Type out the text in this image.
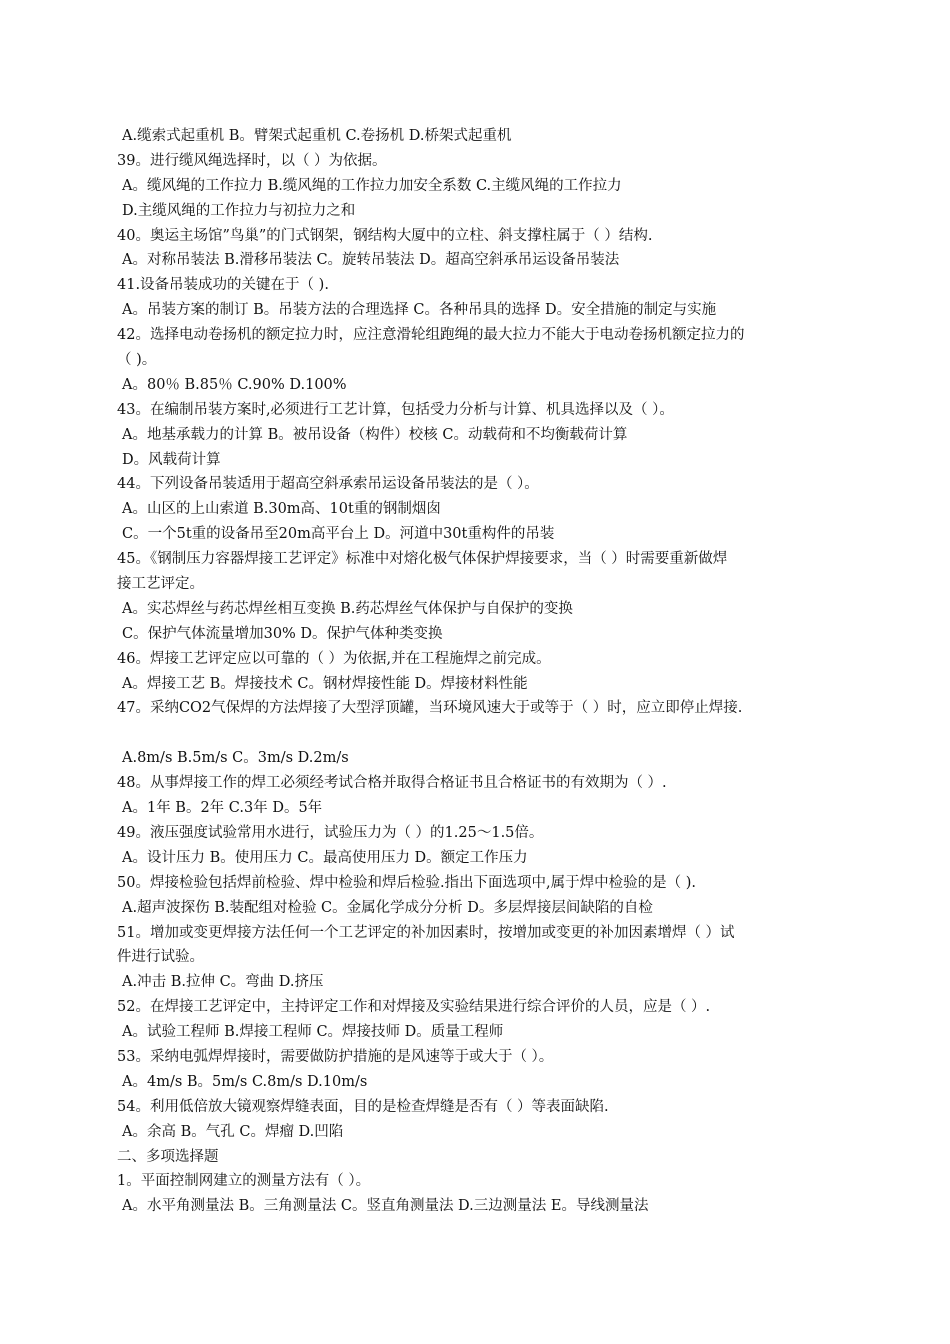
A.缆索式起重机 B。臂架式起重机 C.卷扬机 D.桥架式起重机
39。进行缆风绳选择时，以（ ）为依据。
A。缆风绳的工作拉力 B.缆风绳的工作拉力加安全系数 C.主缆风绳的工作拉力
D.主缆风绳的工作拉力与初拉力之和
40。奥运主场馆”鸟巢”的门式钢架，钢结构大厦中的立柱、斜支撑柱属于（ ）结构.
A。对称吊装法 B.滑移吊装法 C。旋转吊装法 D。超高空斜承吊运设备吊装法
41.设备吊装成功的关键在于（ ).
A。吊装方案的制订 B。吊装方法的合理选择 C。各种吊具的选择 D。安全措施的制定与实施
42。选择电动卷扬机的额定拉力时，应注意滑轮组跑绳的最大拉力不能大于电动卷扬机额定拉力的
（ )。
A。80％ B.85％ C.90% D.100%
43。在编制吊装方案时,必须进行工艺计算，包括受力分析与计算、机具选择以及（ ）。
A。地基承载力的计算 B。被吊设备（构件）校核 C。动载荷和不均衡载荷计算
D。风载荷计算
44。下列设备吊装适用于超高空斜承索吊运设备吊装法的是（ ）。
A。山区的上山索道 B.30m高、10t重的钢制烟囱
C。一个5t重的设备吊至20m高平台上 D。河道中30t重构件的吊装
45。《钢制压力容器焊接工艺评定》标准中对熔化极气体保护焊接要求，当（ ）时需要重新做焊
接工艺评定。
A。实芯焊丝与药芯焊丝相互变换 B.药芯焊丝气体保护与自保护的变换
C。保护气体流量增加30% D。保护气体种类变换
46。焊接工艺评定应以可靠的（ ）为依据,并在工程施焊之前完成。
A。焊接工艺 B。焊接技术 C。钢材焊接性能 D。焊接材料性能
47。采纳CO2气保焊的方法焊接了大型浮顶罐，当环境风速大于或等于（ ）时，应立即停止焊接.
A.8m/s B.5m/s C。3m/s D.2m/s
48。从事焊接工作的焊工必须经考试合格并取得合格证书且合格证书的有效期为（ ）.
A。1年 B。2年 C.3年 D。5年
49。液压强度试验常用水进行，试验压力为（ ）的1.25～1.5倍。
A。设计压力 B。使用压力 C。最高使用压力 D。额定工作压力
50。焊接检验包括焊前检验、焊中检验和焊后检验.指出下面选项中,属于焊中检验的是（ ).
A.超声波探伤 B.装配组对检验 C。金属化学成分分析 D。多层焊接层间缺陷的自检
51。增加或变更焊接方法任何一个工艺评定的补加因素时，按增加或变更的补加因素增焊（ ）试
件进行试验。
A.冲击 B.拉伸 C。弯曲 D.挤压
52。在焊接工艺评定中，主持评定工作和对焊接及实验结果进行综合评价的人员，应是（ ）.
A。试验工程师 B.焊接工程师 C。焊接技师 D。质量工程师
53。采纳电弧焊焊接时，需要做防护措施的是风速等于或大于（ ）。
A。4m/s B。5m/s C.8m/s D.10m/s
54。利用低倍放大镜观察焊缝表面，目的是检查焊缝是否有（ ）等表面缺陷.
A。余高 B。气孔 C。焊瘤 D.凹陷
二、多项选择题
1。平面控制网建立的测量方法有（ ）。
A。水平角测量法 B。三角测量法 C。竖直角测量法 D.三边测量法 E。导线测量法
